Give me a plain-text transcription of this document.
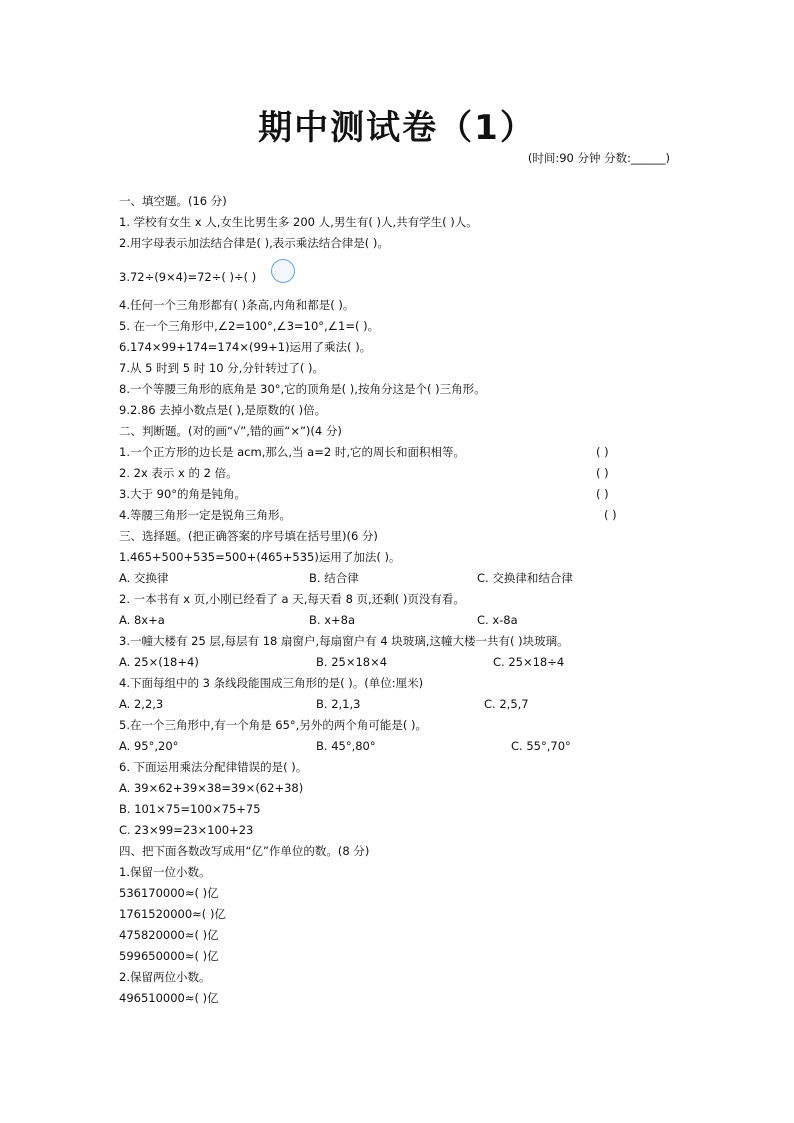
期中测试卷（1）
(时间:90 分钟 分数:______)
一、填空题。(16 分)
1. 学校有女生 x 人,女生比男生多 200 人,男生有( )人,共有学生( )人。
2.用字母表示加法结合律是( ),表示乘法结合律是( )。
3.72÷(9×4)=72÷( )÷( )
4.任何一个三角形都有( )条高,内角和都是( )。
5. 在一个三角形中,∠2=100°,∠3=10°,∠1=( )。
6.174×99+174=174×(99+1)运用了乘法( )。
7.从 5 时到 5 时 10 分,分针转过了( )。
8.一个等腰三角形的底角是 30°,它的顶角是( ),按角分这是个( )三角形。
9.2.86 去掉小数点是( ),是原数的( )倍。
二、判断题。(对的画“√”,错的画“×”)(4 分)
1.一个正方形的边长是 acm,那么,当 a=2 时,它的周长和面积相等。	( )
2. 2x 表示 x 的 2 倍。	( )
3.大于 90°的角是钝角。	( )
4.等腰三角形一定是锐角三角形。	( )
三、选择题。(把正确答案的序号填在括号里)(6 分)
1.465+500+535=500+(465+535)运用了加法( )。
A. 交换律	B. 结合律	C. 交换律和结合律
2. 一本书有 x 页,小刚已经看了 a 天,每天看 8 页,还剩( )页没有看。
A. 8x+a	B. x+8a	C. x-8a
3.一幢大楼有 25 层,每层有 18 扇窗户,每扇窗户有 4 块玻璃,这幢大楼一共有( )块玻璃。
A. 25×(18+4)	B. 25×18×4	C. 25×18÷4
4.下面每组中的 3 条线段能围成三角形的是( )。(单位:厘米)
A. 2,2,3	B. 2,1,3	C. 2,5,7
5.在一个三角形中,有一个角是 65°,另外的两个角可能是( )。
A. 95°,20°	B. 45°,80°	C. 55°,70°
6. 下面运用乘法分配律错误的是( )。
A. 39×62+39×38=39×(62+38)
B. 101×75=100×75+75
C. 23×99=23×100+23
四、把下面各数改写成用“亿”作单位的数。(8 分)
1.保留一位小数。
536170000≈( )亿
1761520000≈( )亿
475820000≈( )亿
599650000≈( )亿
2.保留两位小数。
496510000≈( )亿
